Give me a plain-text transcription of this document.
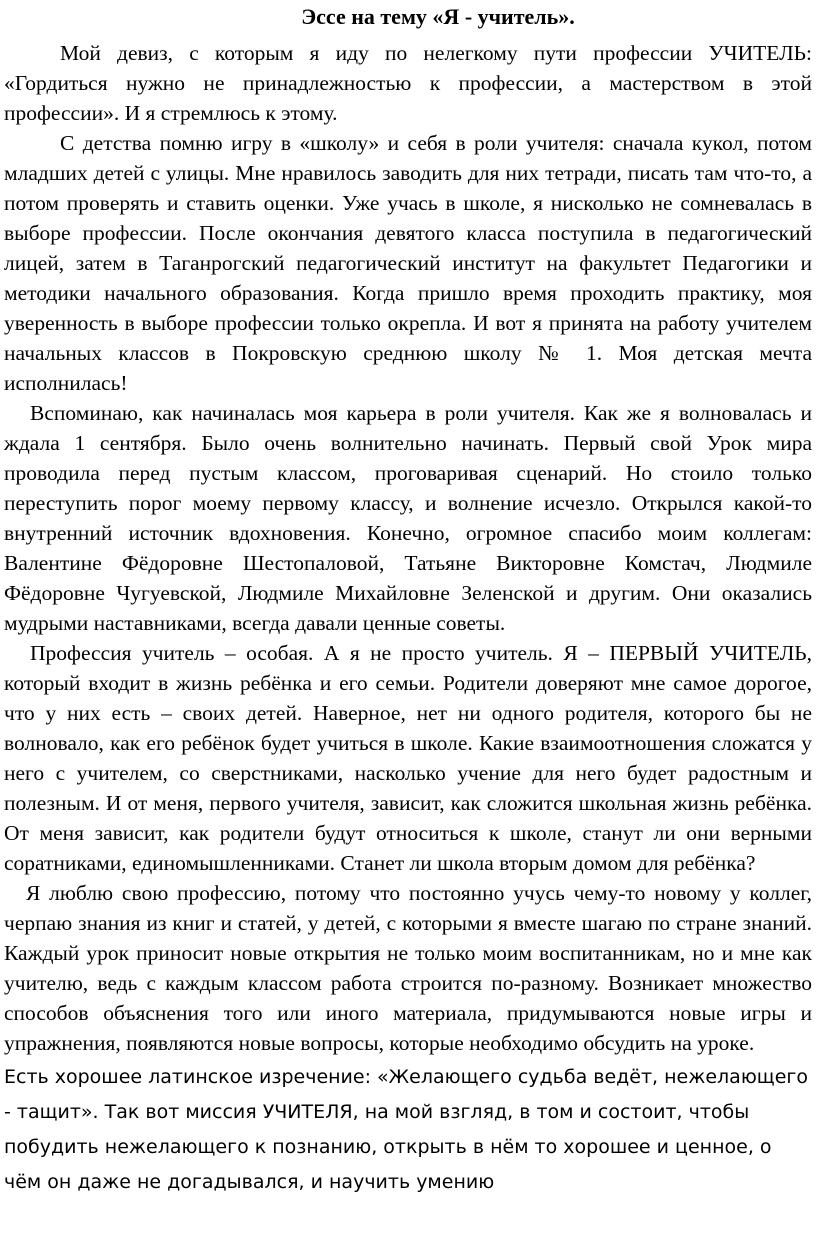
Эссе на тему «Я - учитель».

Мой девиз, с которым я иду по нелегкому пути профессии УЧИТЕЛЬ: «Гордиться нужно не принадлежностью к профессии, а мастерством в этой профессии». И я стремлюсь к этому.

С детства помню игру в «школу» и себя в роли учителя: сначала кукол, потом младших детей с улицы. Мне нравилось заводить для них тетради, писать там что-то, а потом проверять и ставить оценки. Уже учась в школе, я нисколько не сомневалась в выборе профессии. После окончания девятого класса поступила в педагогический лицей, затем в Таганрогский педагогический институт на факультет Педагогики и методики начального образования. Когда пришло время проходить практику, моя уверенность в выборе профессии только окрепла. И вот я принята на работу учителем начальных классов в Покровскую среднюю школу № 1. Моя детская мечта исполнилась!

Вспоминаю, как начиналась моя карьера в роли учителя. Как же я волновалась и ждала 1 сентября. Было очень волнительно начинать. Первый свой Урок мира проводила перед пустым классом, проговаривая сценарий. Но стоило только переступить порог моему первому классу, и волнение исчезло. Открылся какой-то внутренний источник вдохновения. Конечно, огромное спасибо моим коллегам: Валентине Фёдоровне Шестопаловой, Татьяне Викторовне Комстач, Людмиле Фёдоровне Чугуевской, Людмиле Михайловне Зеленской и другим. Они оказались мудрыми наставниками, всегда давали ценные советы.

Профессия учитель – особая. А я не просто учитель. Я – ПЕРВЫЙ УЧИТЕЛЬ, который входит в жизнь ребёнка и его семьи. Родители доверяют мне самое дорогое, что у них есть – своих детей. Наверное, нет ни одного родителя, которого бы не волновало, как его ребёнок будет учиться в школе. Какие взаимоотношения сложатся у него с учителем, со сверстниками, насколько учение для него будет радостным и полезным. И от меня, первого учителя, зависит, как сложится школьная жизнь ребёнка. От меня зависит, как родители будут относиться к школе, станут ли они верными соратниками, единомышленниками. Станет ли школа вторым домом для ребёнка?

Я люблю свою профессию, потому что постоянно учусь чему-то новому у коллег, черпаю знания из книг и статей, у детей, с которыми я вместе шагаю по стране знаний. Каждый урок приносит новые открытия не только моим воспитанникам, но и мне как учителю, ведь с каждым классом работа строится по-разному. Возникает множество способов объяснения того или иного материала, придумываются новые игры и упражнения, появляются новые вопросы, которые необходимо обсудить на уроке.

Есть хорошее латинское изречение: «Желающего судьба ведёт, нежелающего - тащит». Так вот миссия УЧИТЕЛЯ, на мой взгляд, в том и состоит, чтобы побудить нежелающего к познанию, открыть в нём то хорошее и ценное, о чём он даже не догадывался, и научить умению
